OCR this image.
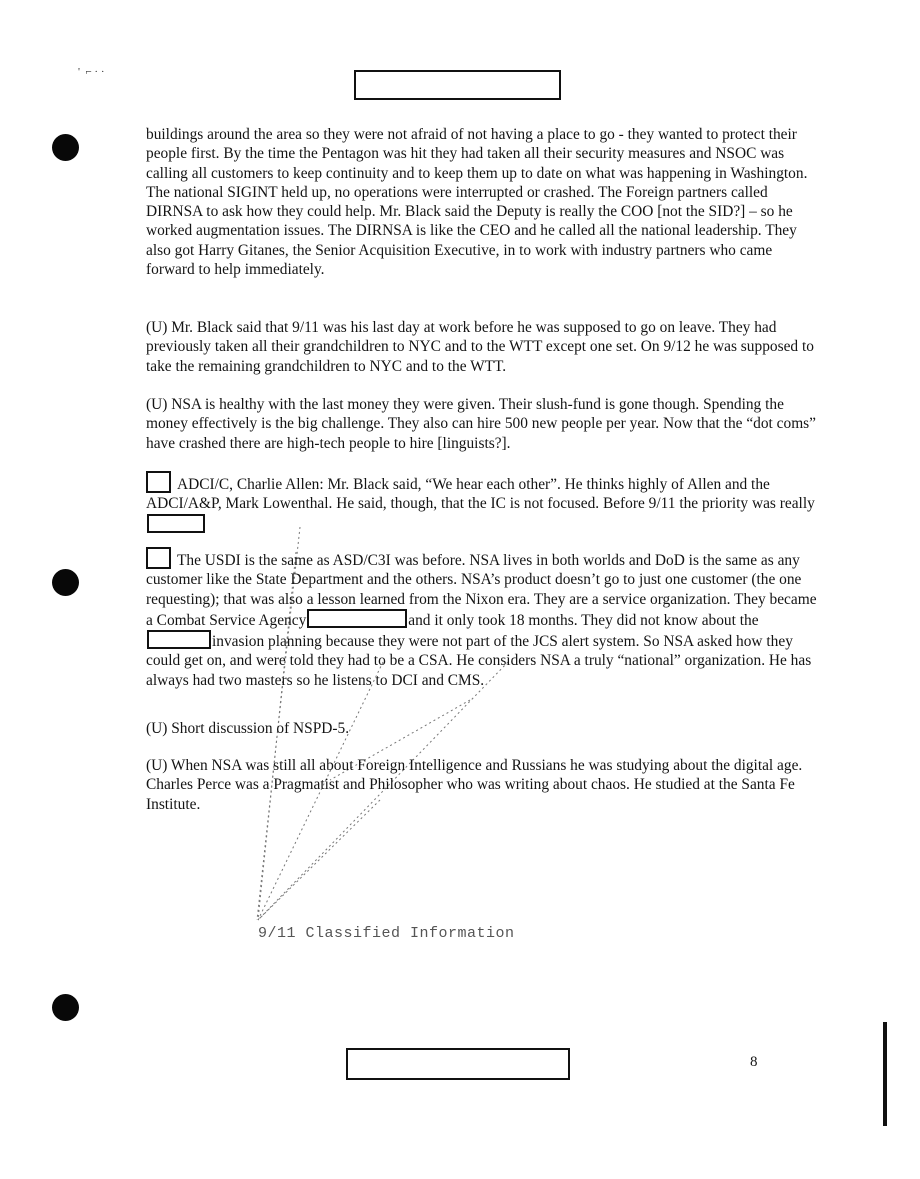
'  ⌐ · ·

buildings around the area so they were not afraid of not having a place to go - they wanted to protect their people first. By the time the Pentagon was hit they had taken all their security measures and NSOC was calling all customers to keep continuity and to keep them up to date on what was happening in Washington. The national SIGINT held up, no operations were interrupted or crashed. The Foreign partners called DIRNSA to ask how they could help. Mr. Black said the Deputy is really the COO [not the SID?] – so he worked augmentation issues. The DIRNSA is like the CEO and he called all the national leadership. They also got Harry Gitanes, the Senior Acquisition Executive, in to work with industry partners who came forward to help immediately.

(U) Mr. Black said that 9/11 was his last day at work before he was supposed to go on leave. They had previously taken all their grandchildren to NYC and to the WTT except one set. On 9/12 he was supposed to take the remaining grandchildren to NYC and to the WTT.

(U) NSA is healthy with the last money they were given. Their slush-fund is gone though. Spending the money effectively is the big challenge. They also can hire 500 new people per year. Now that the “dot coms” have crashed there are high-tech people to hire [linguists?].

ADCI/C, Charlie Allen: Mr. Black said, “We hear each other”. He thinks highly of Allen and the ADCI/A&P, Mark Lowenthal. He said, though, that the IC is not focused. Before 9/11 the priority was really

The USDI is the same as ASD/C3I was before. NSA lives in both worlds and DoD is the same as any customer like the State Department and the others. NSA’s product doesn’t go to just one customer (the one requesting); that was also a lesson learned from the Nixon era. They are a service organization. They became a Combat Service Agency	and it only took 18 months. They did not know about theinvasion planning because they were not part of the JCS alert system. So NSA asked how they could get on, and were told they had to be a CSA. He considers NSA a truly “national” organization. He has always had two masters so he listens to DCI and CMS.

(U) Short discussion of NSPD-5.

(U) When NSA was still all about Foreign Intelligence and Russians he was studying about the digital age. Charles Perce was a Pragmatist and Philosopher who was writing about chaos. He studied at the Santa Fe Institute.

9/11 Classified Information
8
